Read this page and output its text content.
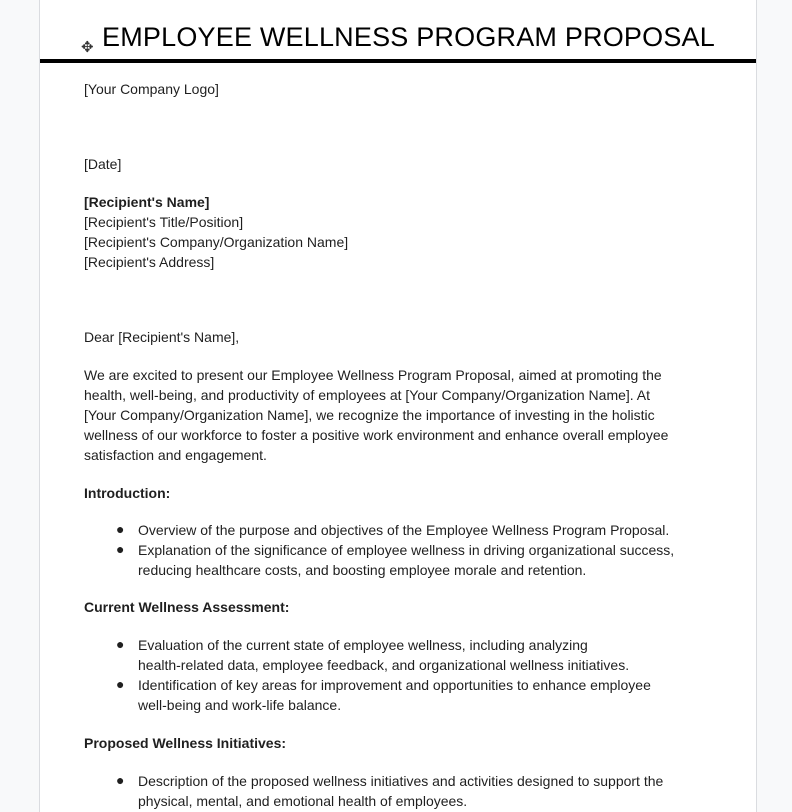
✥ EMPLOYEE WELLNESS PROGRAM PROPOSAL
[Your Company Logo]
[Date]
[Recipient's Name]
[Recipient's Title/Position]
[Recipient's Company/Organization Name]
[Recipient's Address]
Dear [Recipient's Name],
We are excited to present our Employee Wellness Program Proposal, aimed at promoting the
health, well-being, and productivity of employees at [Your Company/Organization Name]. At
[Your Company/Organization Name], we recognize the importance of investing in the holistic
wellness of our workforce to foster a positive work environment and enhance overall employee
satisfaction and engagement.
Introduction:
● Overview of the purpose and objectives of the Employee Wellness Program Proposal.
● Explanation of the significance of employee wellness in driving organizational success,
reducing healthcare costs, and boosting employee morale and retention.
Current Wellness Assessment:
● Evaluation of the current state of employee wellness, including analyzing
health-related data, employee feedback, and organizational wellness initiatives.
● Identification of key areas for improvement and opportunities to enhance employee
well-being and work-life balance.
Proposed Wellness Initiatives:
● Description of the proposed wellness initiatives and activities designed to support the
physical, mental, and emotional health of employees.
